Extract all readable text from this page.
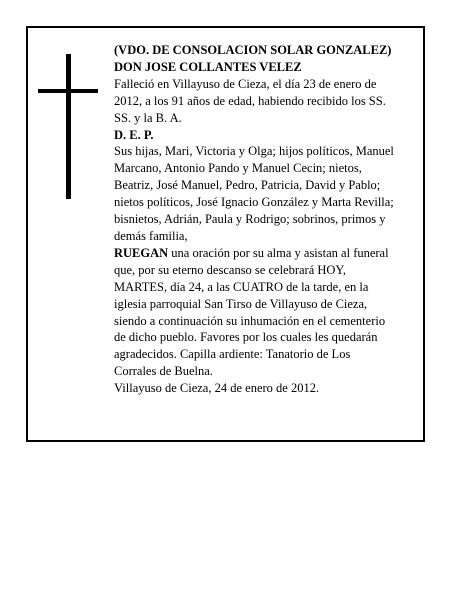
(VDO. DE CONSOLACION SOLAR GONZALEZ)
DON JOSE COLLANTES VELEZ
Falleció en Villayuso de Cieza, el día 23 de enero de
2012, a los 91 años de edad, habiendo recibido los SS.
SS. y la B. A.
D. E. P.
Sus hijas, Mari, Victoria y Olga; hijos políticos, Manuel
Marcano, Antonio Pando y Manuel Cecin; nietos,
Beatriz, José Manuel, Pedro, Patricia, David y Pablo;
nietos políticos, José Ignacio González y Marta Revilla;
bisnietos, Adrián, Paula y Rodrigo; sobrinos, primos y
demás familia,
RUEGAN una oración por su alma y asistan al funeral
que, por su eterno descanso se celebrará HOY,
MARTES, día 24, a las CUATRO de la tarde, en la
iglesia parroquial San Tirso de Villayuso de Cieza,
siendo a continuación su inhumación en el cementerio
de dicho pueblo. Favores por los cuales les quedarán
agradecidos. Capilla ardiente: Tanatorio de Los
Corrales de Buelna.
Villayuso de Cieza, 24 de enero de 2012.
